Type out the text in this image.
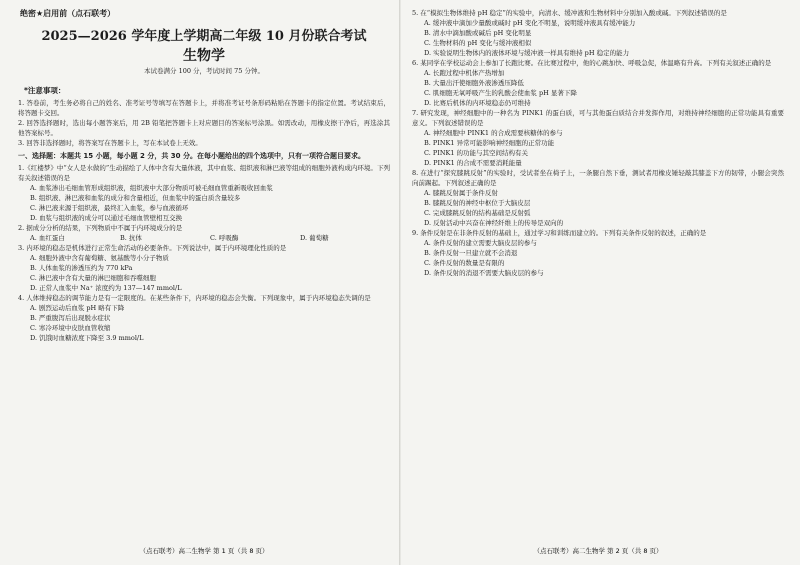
绝密★启用前（点石联考）
2025—2026 学年度上学期高二年级 10 月份联合考试
生物学
本试卷满分 100 分，考试时间 75 分钟。
*注意事项：

1. 答卷前，考生务必将自己的姓名、准考证号等填写在答题卡上，并将准考证号条形码粘贴在答题卡的指定位置。考试结束后，将答题卡交回。

2. 回答选择题时，选出每小题答案后，用 2B 铅笔把答题卡上对应题目的答案标号涂黑。如需改动，用橡皮擦干净后，再选涂其他答案标号。

3. 回答非选择题时，将答案写在答题卡上，写在本试卷上无效。

一、选择题：本题共 15 小题，每小题 2 分，共 30 分。在每小题给出的四个选项中，只有一项符合题目要求。

1.《红楼梦》中“女人是水做的”生动描绘了人体中含有大量体液，其中血浆、组织液和淋巴液等组成的细胞外液构成内环境。下列有关叙述错误的是

A. 血浆渗出毛细血管形成组织液，组织液中大部分物质可被毛细血管重新吸收回血浆

B. 组织液、淋巴液和血浆的成分和含量相近，但血浆中的蛋白质含量较多

C. 淋巴液来源于组织液，最终汇入血浆，参与血液循环

D. 血浆与组织液的成分可以通过毛细血管壁相互交换

2. 据成分分析的结果，下列物质中不属于内环境成分的是

A. 血红蛋白	B. 抗体	C. 呼吸酶	D. 葡萄糖

3. 内环境的稳态是机体进行正常生命活动的必要条件。下列说法中，属于内环境理化性质的是

A. 细胞外液中含有葡萄糖、氨基酸等小分子物质

B. 人体血浆的渗透压约为 770 kPa

C. 淋巴液中含有大量的淋巴细胞和吞噬细胞

D. 正常人血浆中 Na⁺ 浓度约为 137—147 mmol/L

4. 人体维持稳态的调节能力是有一定限度的。在某些条件下，内环境的稳态会失衡。下列现象中，属于内环境稳态失调的是

A. 剧烈运动后血浆 pH 略有下降

B. 严重腹泻后出现脱水症状

C. 寒冷环境中皮肤血管收缩

D. 饥饿时血糖浓度下降至 3.9 mmol/L

5. 在“模拟生物体维持 pH 稳定”的实验中，向清水、缓冲液和生物材料中分别加入酸或碱。下列叙述错误的是

A. 缓冲液中滴加少量酸或碱时 pH 变化不明显，说明缓冲液具有缓冲能力

B. 清水中滴加酸或碱后 pH 变化明显

C. 生物材料的 pH 变化与缓冲液相似

D. 实验说明生物体内的液体环境与缓冲液一样具有维持 pH 稳定的能力

6. 某同学在学校运动会上参加了长跑比赛。在比赛过程中，他的心跳加快、呼吸急促，体温略有升高。下列有关叙述正确的是

A. 长跑过程中机体产热增加

B. 大量出汗使细胞外液渗透压降低

C. 肌细胞无氧呼吸产生的乳酸会使血浆 pH 显著下降

D. 比赛后机体的内环境稳态仍可维持

7. 研究发现，神经细胞中的一种名为 PINK1 的蛋白质，可与其他蛋白质结合并发挥作用，对维持神经细胞的正常功能具有重要意义。下列叙述错误的是

A. 神经细胞中 PINK1 的合成需要核糖体的参与

B. PINK1 异常可能影响神经细胞的正常功能

C. PINK1 的功能与其空间结构有关

D. PINK1 的合成不需要消耗能量

8. 在进行“探究膝跳反射”的实验时，受试者坐在椅子上，一条腿自然下垂，测试者用橡皮锤轻敲其膝盖下方的韧带，小腿会突然向前踢起。下列叙述正确的是

A. 膝跳反射属于条件反射

B. 膝跳反射的神经中枢位于大脑皮层

C. 完成膝跳反射的结构基础是反射弧

D. 反射活动中兴奋在神经纤维上的传导是双向的

9. 条件反射是在非条件反射的基础上，通过学习和训练而建立的。下列有关条件反射的叙述，正确的是

A. 条件反射的建立需要大脑皮层的参与

B. 条件反射一旦建立就不会消退

C. 条件反射的数量是有限的

D. 条件反射的消退不需要大脑皮层的参与

（点石联考）高二生物学 第 1 页（共 8 页）	（点石联考）高二生物学 第 2 页（共 8 页）
